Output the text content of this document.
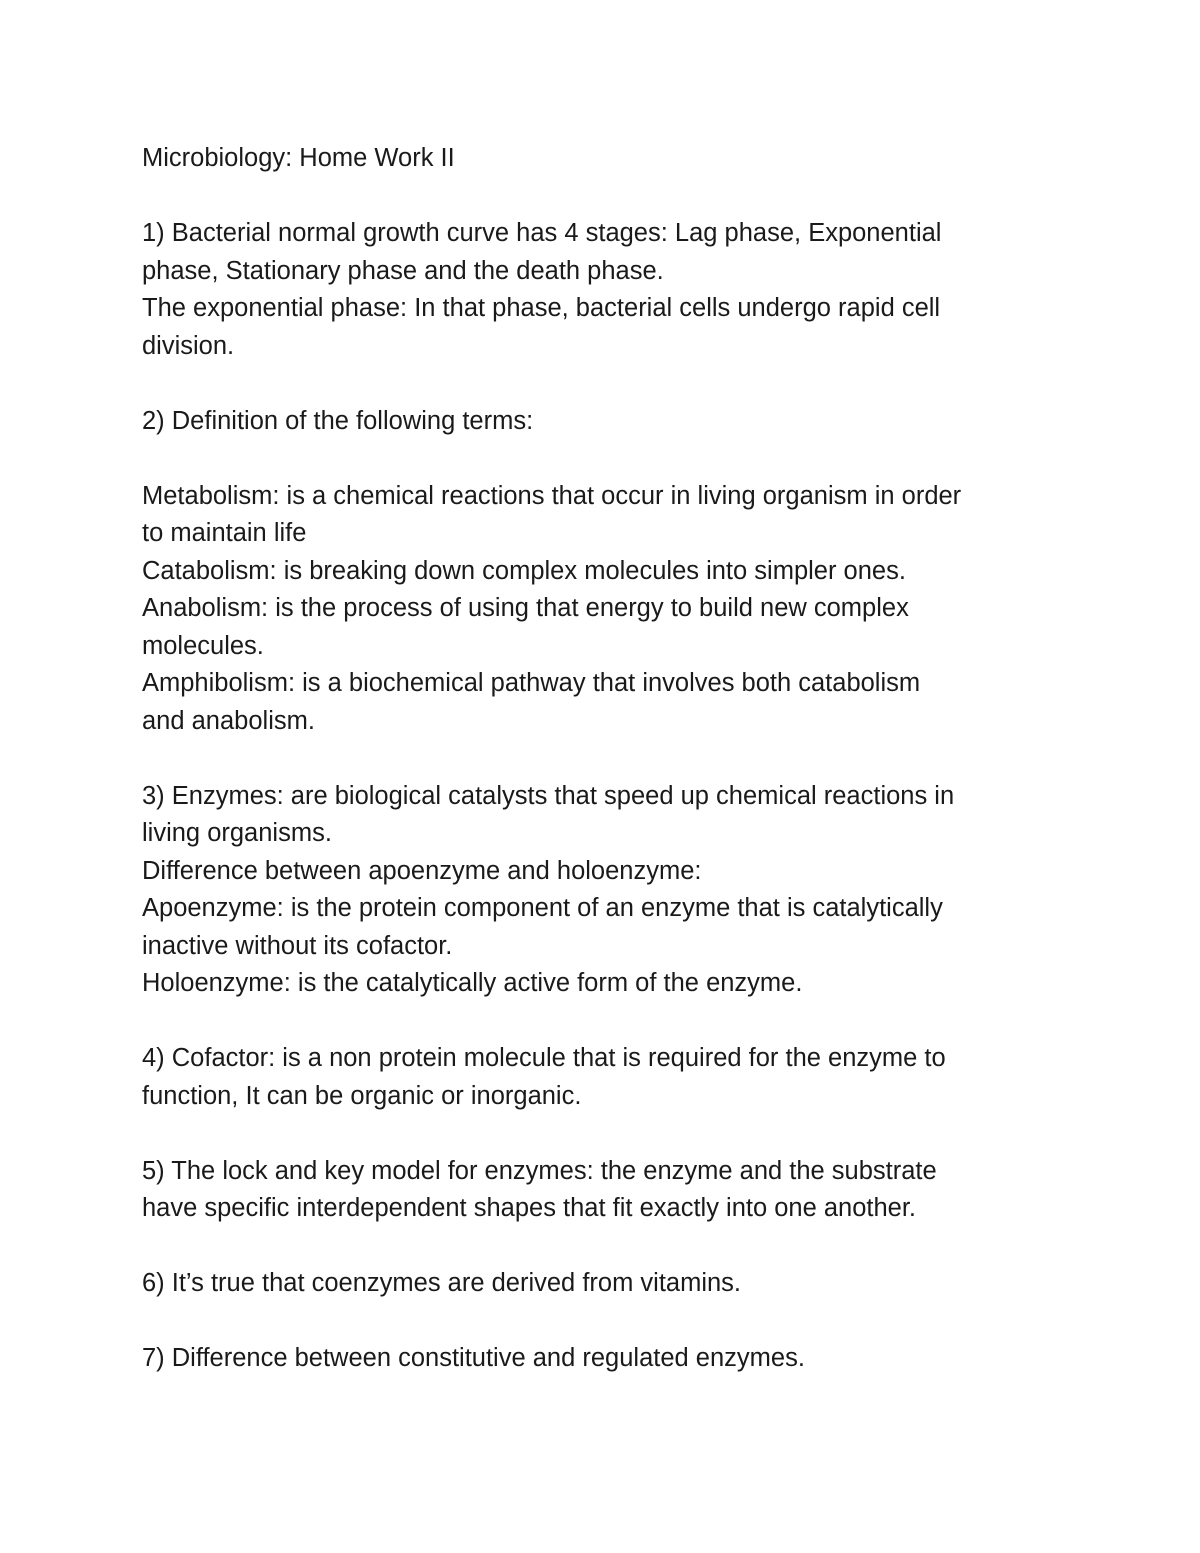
Microbiology: Home Work II
1) Bacterial normal growth curve has 4 stages: Lag phase, Exponential
phase, Stationary phase and the death phase.
The exponential phase: In that phase, bacterial cells undergo rapid cell
division.
2) Definition of the following terms:
Metabolism: is a chemical reactions that occur in living organism in order
to maintain life
Catabolism: is breaking down complex molecules into simpler ones.
Anabolism: is the process of using that energy to build new complex
molecules.
Amphibolism: is a biochemical pathway that involves both catabolism
and anabolism.
3) Enzymes: are biological catalysts that speed up chemical reactions in
living organisms.
Difference between apoenzyme and holoenzyme:
Apoenzyme: is the protein component of an enzyme that is catalytically
inactive without its cofactor.
Holoenzyme: is the catalytically active form of the enzyme.
4) Cofactor: is a non protein molecule that is required for the enzyme to
function, It can be organic or inorganic.
5) The lock and key model for enzymes: the enzyme and the substrate
have specific interdependent shapes that fit exactly into one another.
6) It’s true that coenzymes are derived from vitamins.
7) Difference between constitutive and regulated enzymes.
